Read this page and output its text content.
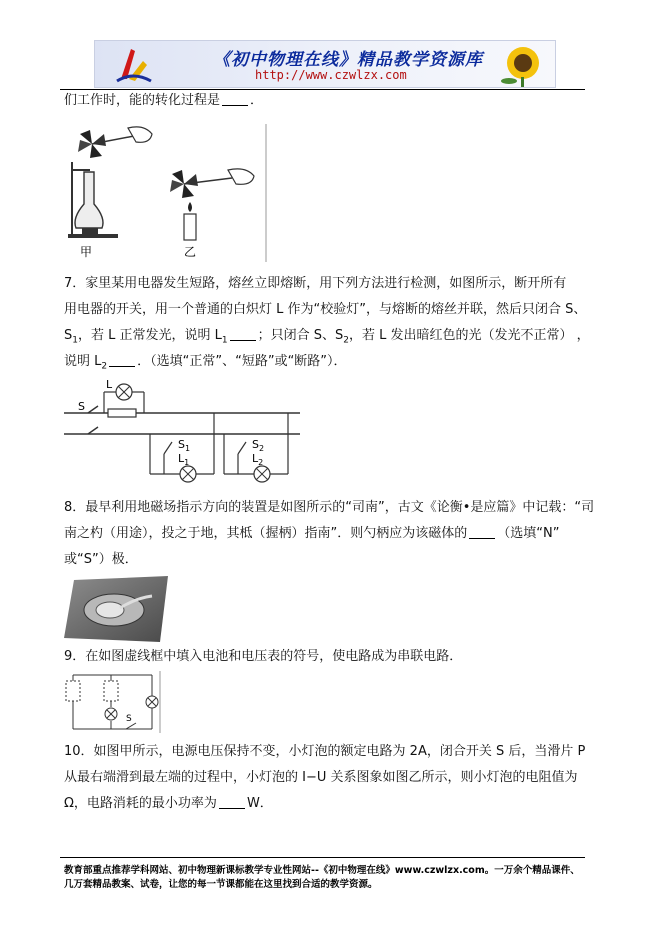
《初中物理在线》精品教学资源库
http://www.czwlzx.com
们工作时，能的转化过程是 ．
甲	乙
7．家里某用电器发生短路，熔丝立即熔断，用下列方法进行检测，如图所示，断开所有
用电器的开关，用一个普通的白炽灯 L 作为“校验灯”，与熔断的熔丝并联，然后只闭合 S、
$S_1$，若 L 正常发光，说明 $L_1$ ；只闭合 S、$S_2$，若 L 发出暗红色的光（发光不正常） ，
说明 $L_2$ ．（选填“正常”、“短路”或“断路”）．
S
L
$S_1$
$L_1$
$S_2$
$L_2$
8．最早利用地磁场指示方向的装置是如图所示的“司南”，古文《论衡•是应篇》中记载：“司
南之杓（用途），投之于地，其柢（握柄）指南”．则勺柄应为该磁体的 （选填“N”
或“S”）极．
9．在如图虚线框中填入电池和电压表的符号，使电路成为串联电路．
S
10．如图甲所示，电源电压保持不变，小灯泡的额定电路为 2A，闭合开关 S 后，当滑片 P
从最右端滑到最左端的过程中，小灯泡的 I−U 关系图象如图乙所示，则小灯泡的电阻值为
Ω，电路消耗的最小功率为 W．
教育部重点推荐学科网站、初中物理新课标教学专业性网站--《初中物理在线》www.czwlzx.com。一万余个精品课件、
几万套精品教案、试卷，让您的每一节课都能在这里找到合适的教学资源。
